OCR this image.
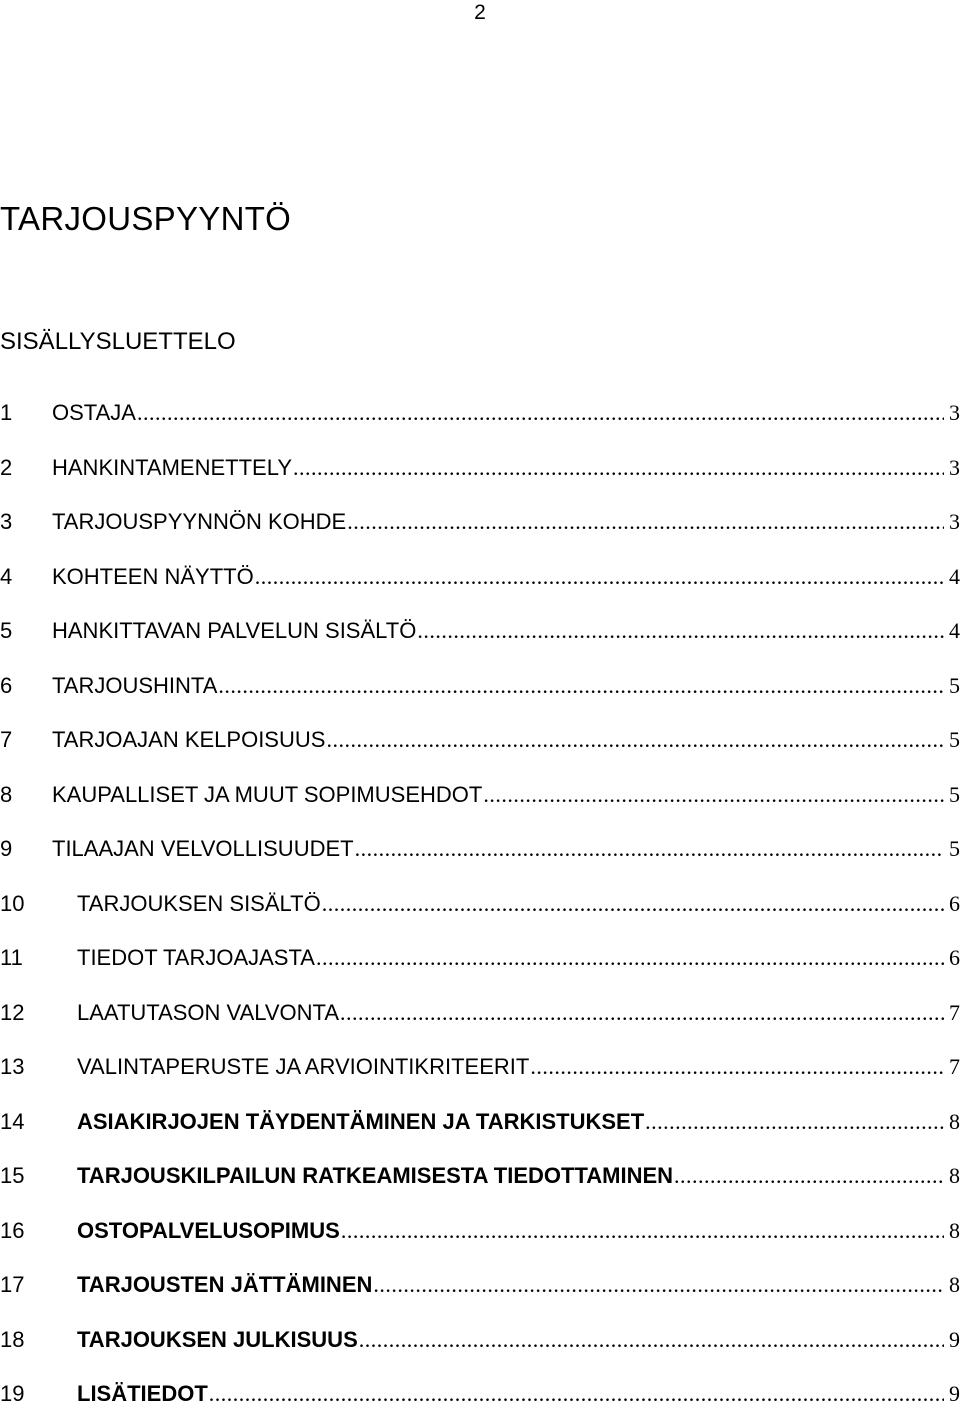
2
TARJOUSPYYNTÖ
SISÄLLYSLUETTELO
1	OSTAJA .....	3
2	HANKINTAMENETTELY .....	3
3	TARJOUSPYYNNÖN KOHDE .....	3
4	KOHTEEN NÄYTTÖ .....	4
5	HANKITTAVAN PALVELUN SISÄLTÖ .....	4
6	TARJOUSHINTA .....	5
7	TARJOAJAN KELPOISUUS .....	5
8	KAUPALLISET JA MUUT SOPIMUSEHDOT .....	5
9	TILAAJAN VELVOLLISUUDET .....	5
10	TARJOUKSEN SISÄLTÖ .....	6
11	TIEDOT TARJOAJASTA .....	6
12	LAATUTASON VALVONTA .....	7
13	VALINTAPERUSTE JA ARVIOINTIKRITEERIT .....	7
14	ASIAKIRJOJEN TÄYDENTÄMINEN JA TARKISTUKSET .....	8
15	TARJOUSKILPAILUN RATKEAMISESTA TIEDOTTAMINEN .....	8
16	OSTOPALVELUSOPIMUS .....	8
17	TARJOUSTEN JÄTTÄMINEN .....	8
18	TARJOUKSEN JULKISUUS .....	9
19	LISÄTIEDOT .....	9
